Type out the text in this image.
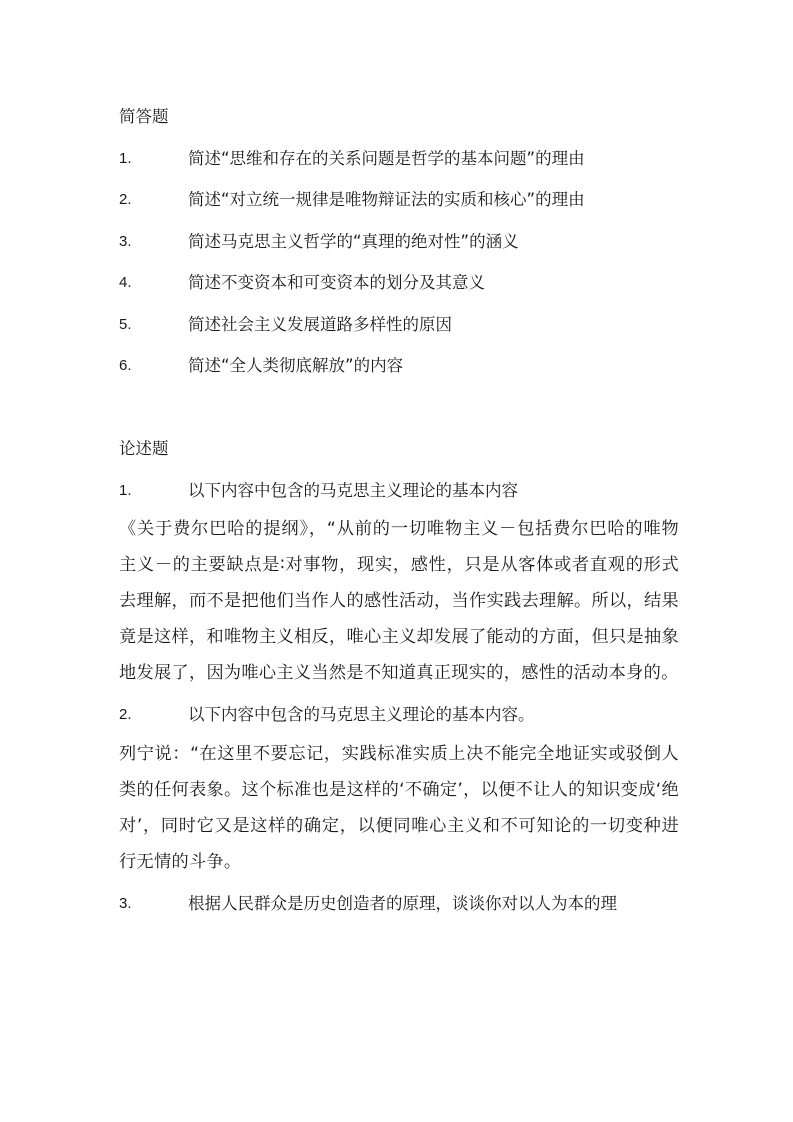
简答题
1.	简述“思维和存在的关系问题是哲学的基本问题”的理由
2.	简述“对立统一规律是唯物辩证法的实质和核心”的理由
3.	简述马克思主义哲学的“真理的绝对性”的涵义
4.	简述不变资本和可变资本的划分及其意义
5.	简述社会主义发展道路多样性的原因
6.	简述“全人类彻底解放”的内容
论述题
1.	以下内容中包含的马克思主义理论的基本内容
《关于费尔巴哈的提纲》，“从前的一切唯物主义－包括费尔巴哈的唯物主义－的主要缺点是∶对事物，现实，感性，只是从客体或者直观的形式去理解，而不是把他们当作人的感性活动，当作实践去理解。所以，结果竟是这样，和唯物主义相反，唯心主义却发展了能动的方面，但只是抽象地发展了，因为唯心主义当然是不知道真正现实的，感性的活动本身的。
2.	以下内容中包含的马克思主义理论的基本内容。
列宁说：“在这里不要忘记，实践标准实质上决不能完全地证实或驳倒人类的任何表象。这个标准也是这样的‘不确定’，以便不让人的知识变成‘绝对’，同时它又是这样的确定，以便同唯心主义和不可知论的一切变种进行无情的斗争。
3.	根据人民群众是历史创造者的原理，谈谈你对以人为本的理
